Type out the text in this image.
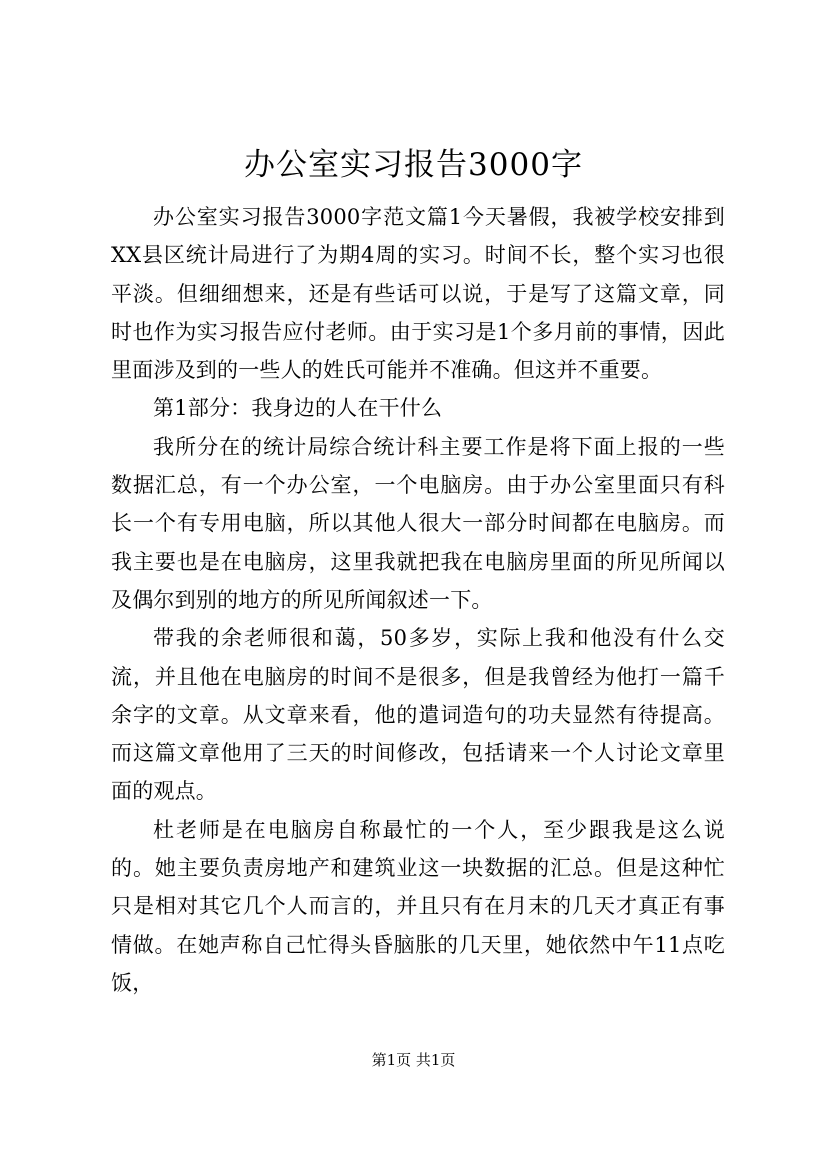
办公室实习报告3000字

办公室实习报告3000字范文篇1今天暑假，我被学校安排到XX县区统计局进行了为期4周的实习。时间不长，整个实习也很平淡。但细细想来，还是有些话可以说，于是写了这篇文章，同时也作为实习报告应付老师。由于实习是1个多月前的事情，因此里面涉及到的一些人的姓氏可能并不准确。但这并不重要。

第1部分：我身边的人在干什么

我所分在的统计局综合统计科主要工作是将下面上报的一些数据汇总，有一个办公室，一个电脑房。由于办公室里面只有科长一个有专用电脑，所以其他人很大一部分时间都在电脑房。而我主要也是在电脑房，这里我就把我在电脑房里面的所见所闻以及偶尔到别的地方的所见所闻叙述一下。

带我的余老师很和蔼，50多岁，实际上我和他没有什么交流，并且他在电脑房的时间不是很多，但是我曾经为他打一篇千余字的文章。从文章来看，他的遣词造句的功夫显然有待提高。而这篇文章他用了三天的时间修改，包括请来一个人讨论文章里面的观点。

杜老师是在电脑房自称最忙的一个人，至少跟我是这么说的。她主要负责房地产和建筑业这一块数据的汇总。但是这种忙只是相对其它几个人而言的，并且只有在月末的几天才真正有事情做。在她声称自己忙得头昏脑胀的几天里，她依然中午11点吃饭，

第1页 共1页
